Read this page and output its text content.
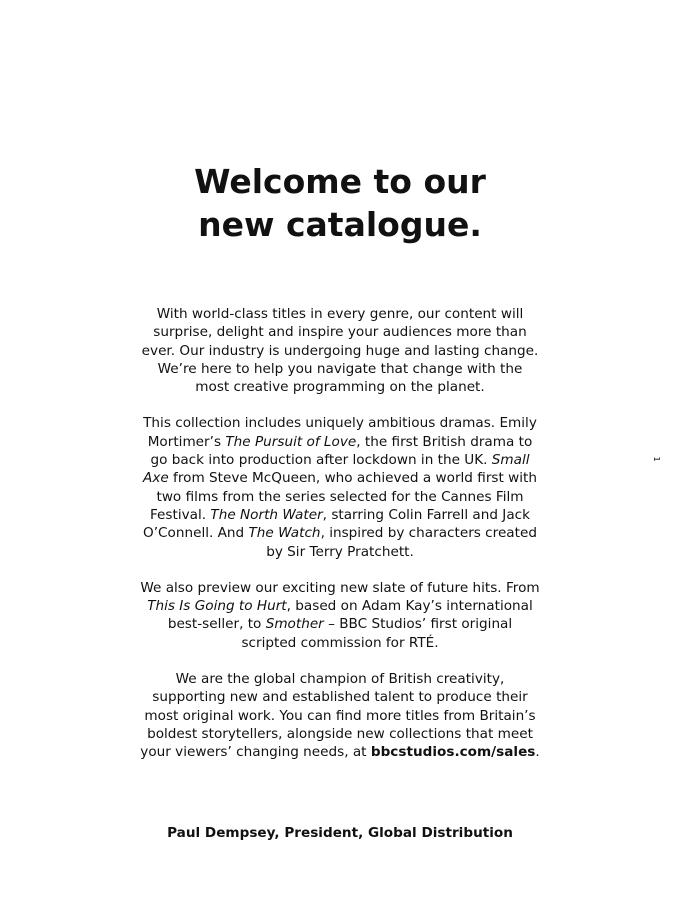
Welcome to our
new catalogue.

With world-class titles in every genre, our content will surprise, delight and inspire your audiences more than ever. Our industry is undergoing huge and lasting change. We’re here to help you navigate that change with the most creative programming on the planet.

This collection includes uniquely ambitious dramas. Emily Mortimer’s The Pursuit of Love, the first British drama to go back into production after lockdown in the UK. Small Axe from Steve McQueen, who achieved a world first with two films from the series selected for the Cannes Film Festival. The North Water, starring Colin Farrell and Jack O’Connell. And The Watch, inspired by characters created by Sir Terry Pratchett.

We also preview our exciting new slate of future hits. From This Is Going to Hurt, based on Adam Kay’s international best-seller, to Smother – BBC Studios’ first original scripted commission for RTÉ.

We are the global champion of British creativity, supporting new and established talent to produce their most original work. You can find more titles from Britain’s boldest storytellers, alongside new collections that meet your viewers’ changing needs, at bbcstudios.com/sales.

Paul Dempsey, President, Global Distribution
1
